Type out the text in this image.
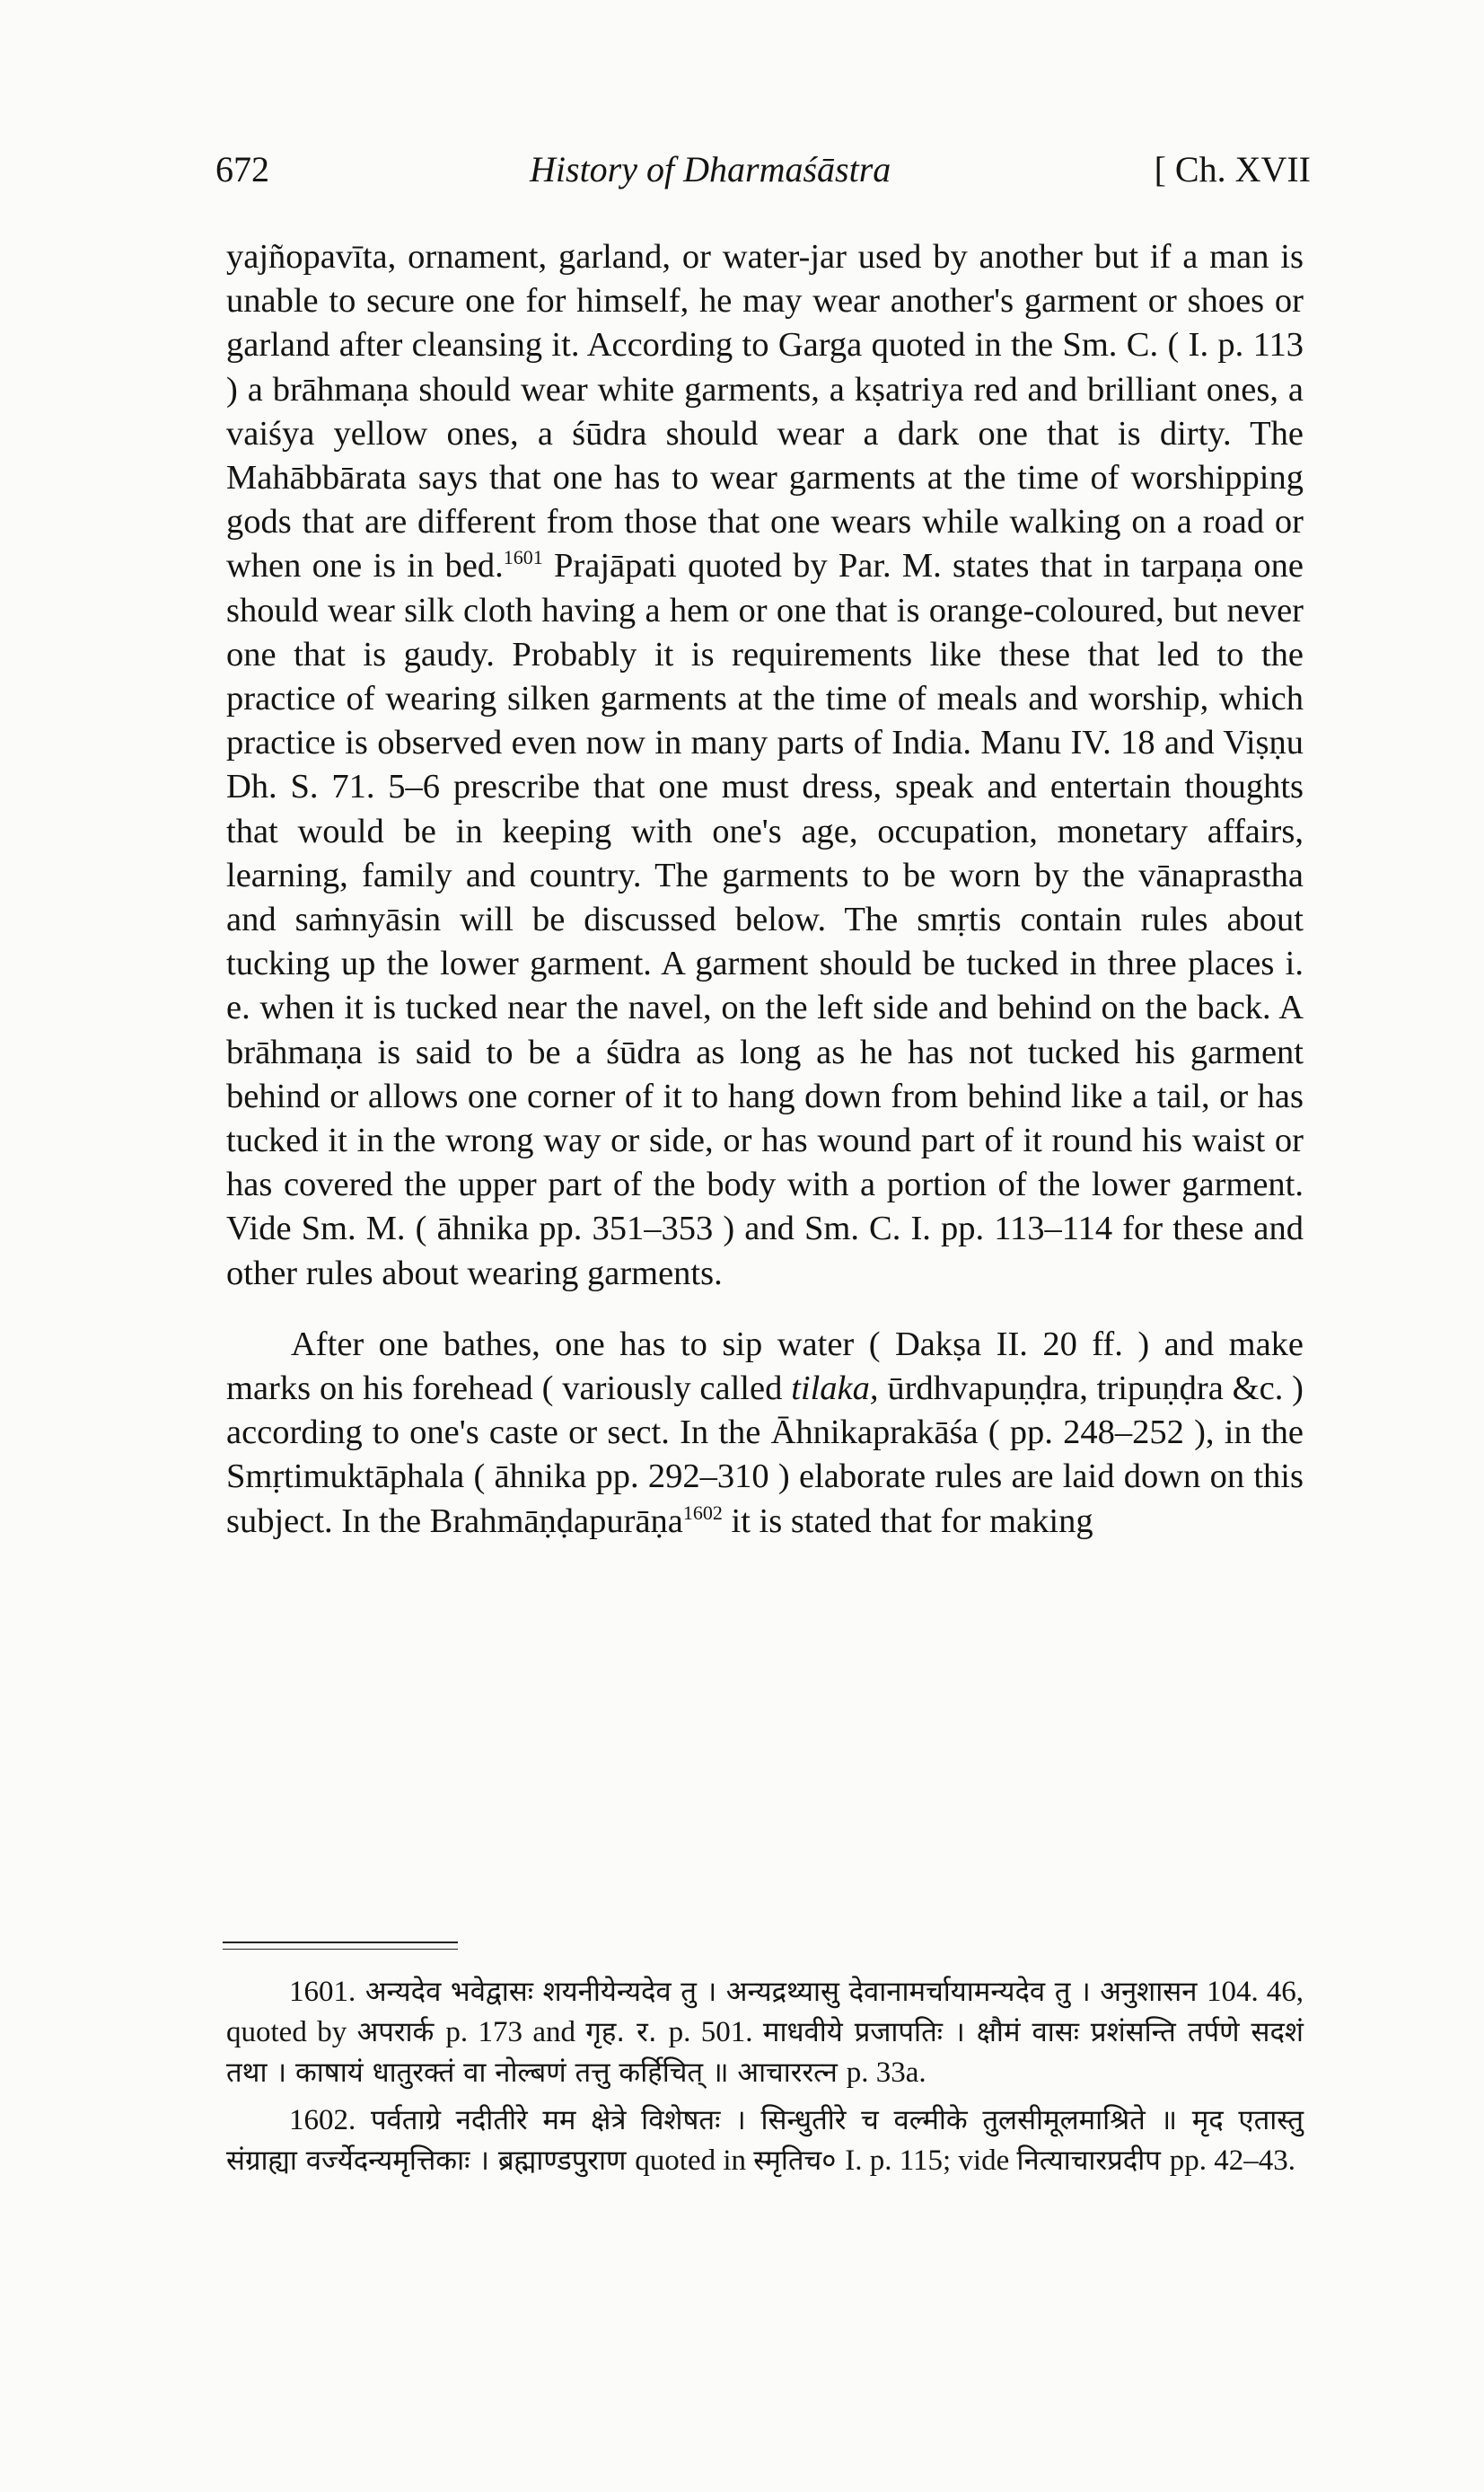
672	History of Dharmaśāstra	[ Ch. XVII

yajñopavīta, ornament, garland, or water-jar used by another but if a man is unable to secure one for himself, he may wear another's garment or shoes or garland after cleansing it. According to Garga quoted in the Sm. C. ( I. p. 113 ) a brāhmaṇa should wear white garments, a kṣatriya red and brilliant ones, a vaiśya yellow ones, a śūdra should wear a dark one that is dirty. The Mahābbārata says that one has to wear garments at the time of worshipping gods that are different from those that one wears while walking on a road or when one is in bed.$^{1601}$ Prajāpati quoted by Par. M. states that in tarpaṇa one should wear silk cloth having a hem or one that is orange-coloured, but never one that is gaudy. Probably it is requirements like these that led to the practice of wearing silken garments at the time of meals and worship, which practice is observed even now in many parts of India. Manu IV. 18 and Viṣṇu Dh. S. 71. 5–6 prescribe that one must dress, speak and entertain thoughts that would be in keeping with one's age, occupation, monetary affairs, learning, family and country. The garments to be worn by the vānaprastha and saṁnyāsin will be discussed below. The smṛtis contain rules about tucking up the lower garment. A garment should be tucked in three places i. e. when it is tucked near the navel, on the left side and behind on the back. A brāhmaṇa is said to be a śūdra as long as he has not tucked his garment behind or allows one corner of it to hang down from behind like a tail, or has tucked it in the wrong way or side, or has wound part of it round his waist or has covered the upper part of the body with a portion of the lower garment. Vide Sm. M. ( āhnika pp. 351–353 ) and Sm. C. I. pp. 113–114 for these and other rules about wearing garments.

After one bathes, one has to sip water ( Dakṣa II. 20 ff. ) and make marks on his forehead ( variously called tilaka, ūrdhvapuṇḍra, tripuṇḍra &c. ) according to one's caste or sect. In the Āhnikaprakāśa ( pp. 248–252 ), in the Smṛtimuktāphala ( āhnika pp. 292–310 ) elaborate rules are laid down on this subject. In the Brahmāṇḍapurāṇa$^{1602}$ it is stated that for making

1601. अन्यदेव भवेद्वासः शयनीयेन्यदेव तु । अन्यद्रथ्यासु देवानामर्चायामन्यदेव तु । अनुशासन 104. 46, quoted by अपरार्क p. 173 and गृह. र. p. 501. माधवीये प्रजापतिः । क्षौमं वासः प्रशंसन्ति तर्पणे सदशं तथा । काषायं धातुरक्तं वा नोल्बणं तत्तु कर्हिचित् ॥ आचाररत्न p. 33a.

1602. पर्वताग्रे नदीतीरे मम क्षेत्रे विशेषतः । सिन्धुतीरे च वल्मीके तुलसीमूलमाश्रिते ॥ मृद एतास्तु संग्राह्या वर्ज्येदन्यमृत्तिकाः । ब्रह्माण्डपुराण quoted in स्मृतिच० I. p. 115; vide नित्याचारप्रदीप pp. 42–43.
